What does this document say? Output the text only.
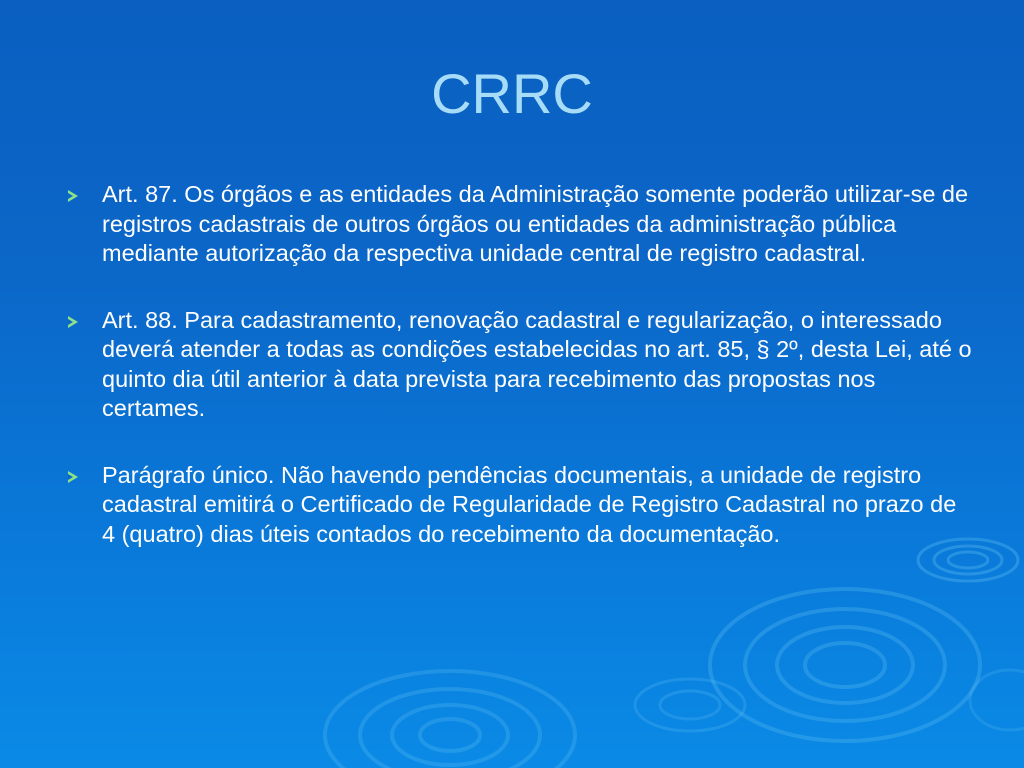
CRRC
Art. 87. Os órgãos e as entidades da Administração somente poderão utilizar-se de registros cadastrais de outros órgãos ou entidades da administração pública mediante autorização da respectiva unidade central de registro cadastral.
Art. 88. Para cadastramento, renovação cadastral e regularização, o interessado deverá atender a todas as condições estabelecidas no art. 85, § 2º, desta Lei, até o quinto dia útil anterior à data prevista para recebimento das propostas nos certames.
Parágrafo único. Não havendo pendências documentais, a unidade de registro cadastral emitirá o Certificado de Regularidade de Registro Cadastral no prazo de 4 (quatro) dias úteis contados do recebimento da documentação.
